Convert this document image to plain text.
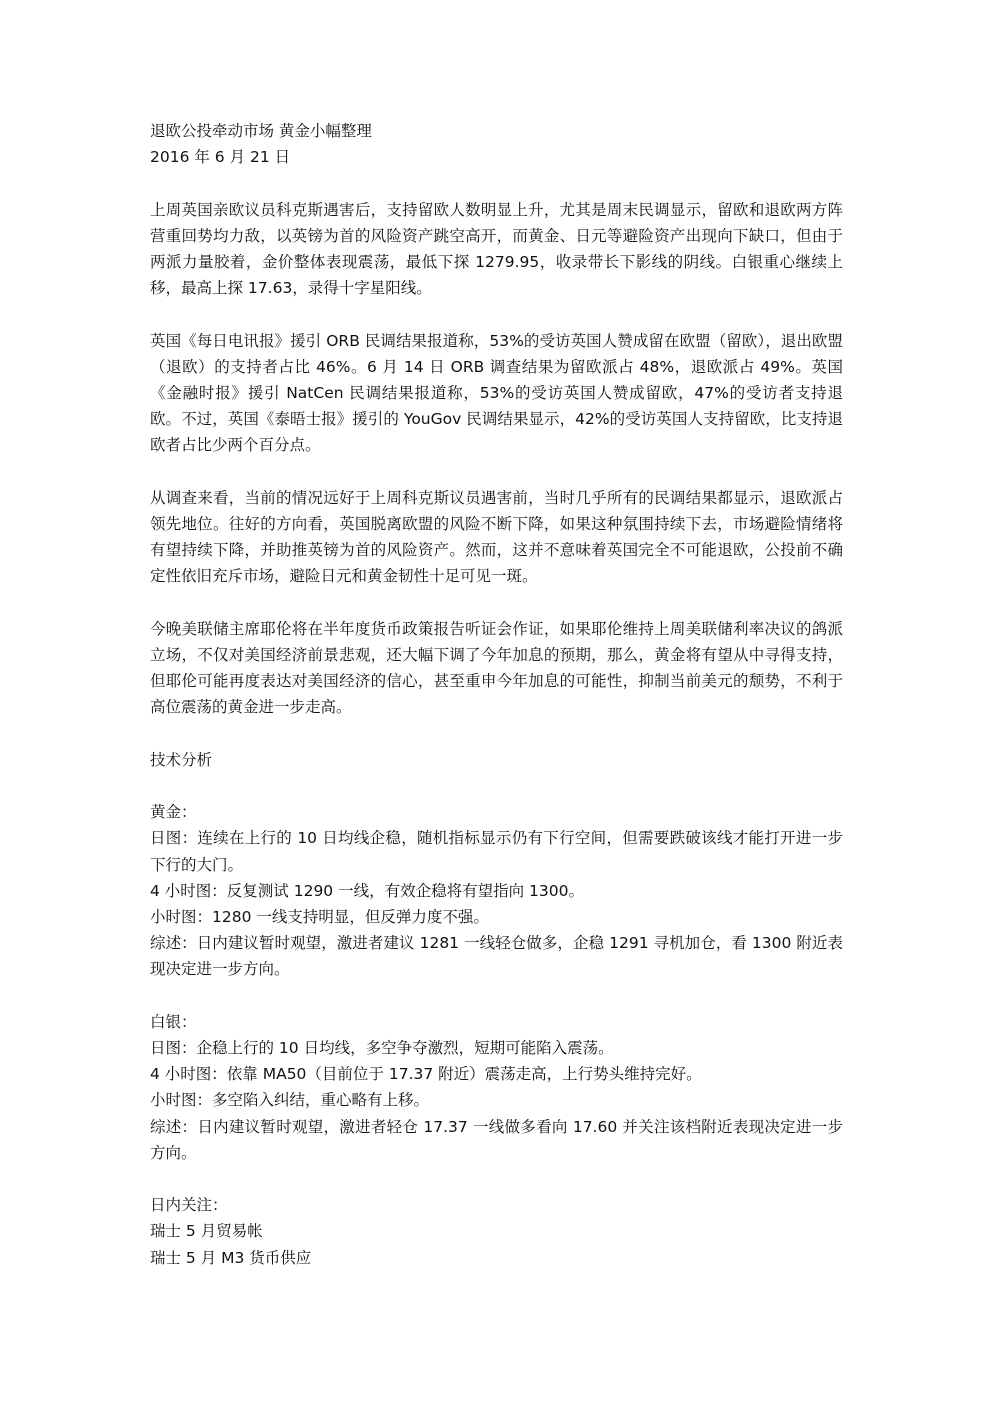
退欧公投牵动市场 黄金小幅整理
2016 年 6 月 21 日

上周英国亲欧议员科克斯遇害后，支持留欧人数明显上升，尤其是周末民调显示，留欧和退欧两方阵营重回势均力敌，以英镑为首的风险资产跳空高开，而黄金、日元等避险资产出现向下缺口，但由于两派力量胶着，金价整体表现震荡，最低下探 1279.95，收录带长下影线的阴线。白银重心继续上移，最高上探 17.63，录得十字星阳线。

英国《每日电讯报》援引 ORB 民调结果报道称，53%的受访英国人赞成留在欧盟（留欧），退出欧盟（退欧）的支持者占比 46%。6 月 14 日 ORB 调查结果为留欧派占 48%，退欧派占 49%。英国《金融时报》援引 NatCen 民调结果报道称，53%的受访英国人赞成留欧，47%的受访者支持退欧。不过，英国《泰晤士报》援引的 YouGov 民调结果显示，42%的受访英国人支持留欧，比支持退欧者占比少两个百分点。

从调查来看，当前的情况远好于上周科克斯议员遇害前，当时几乎所有的民调结果都显示，退欧派占领先地位。往好的方向看，英国脱离欧盟的风险不断下降，如果这种氛围持续下去，市场避险情绪将有望持续下降，并助推英镑为首的风险资产。然而，这并不意味着英国完全不可能退欧，公投前不确定性依旧充斥市场，避险日元和黄金韧性十足可见一斑。

今晚美联储主席耶伦将在半年度货币政策报告听证会作证，如果耶伦维持上周美联储利率决议的鸽派立场，不仅对美国经济前景悲观，还大幅下调了今年加息的预期，那么，黄金将有望从中寻得支持，但耶伦可能再度表达对美国经济的信心，甚至重申今年加息的可能性，抑制当前美元的颓势，不利于高位震荡的黄金进一步走高。

技术分析

黄金：
日图：连续在上行的 10 日均线企稳，随机指标显示仍有下行空间，但需要跌破该线才能打开进一步下行的大门。
4 小时图：反复测试 1290 一线，有效企稳将有望指向 1300。
小时图：1280 一线支持明显，但反弹力度不强。
综述：日内建议暂时观望，激进者建议 1281 一线轻仓做多，企稳 1291 寻机加仓，看 1300 附近表现决定进一步方向。
白银：
日图：企稳上行的 10 日均线，多空争夺激烈，短期可能陷入震荡。
4 小时图：依靠 MA50（目前位于 17.37 附近）震荡走高，上行势头维持完好。
小时图：多空陷入纠结，重心略有上移。
综述：日内建议暂时观望，激进者轻仓 17.37 一线做多看向 17.60 并关注该档附近表现决定进一步方向。
日内关注：
瑞士 5 月贸易帐
瑞士 5 月 M3 货币供应
